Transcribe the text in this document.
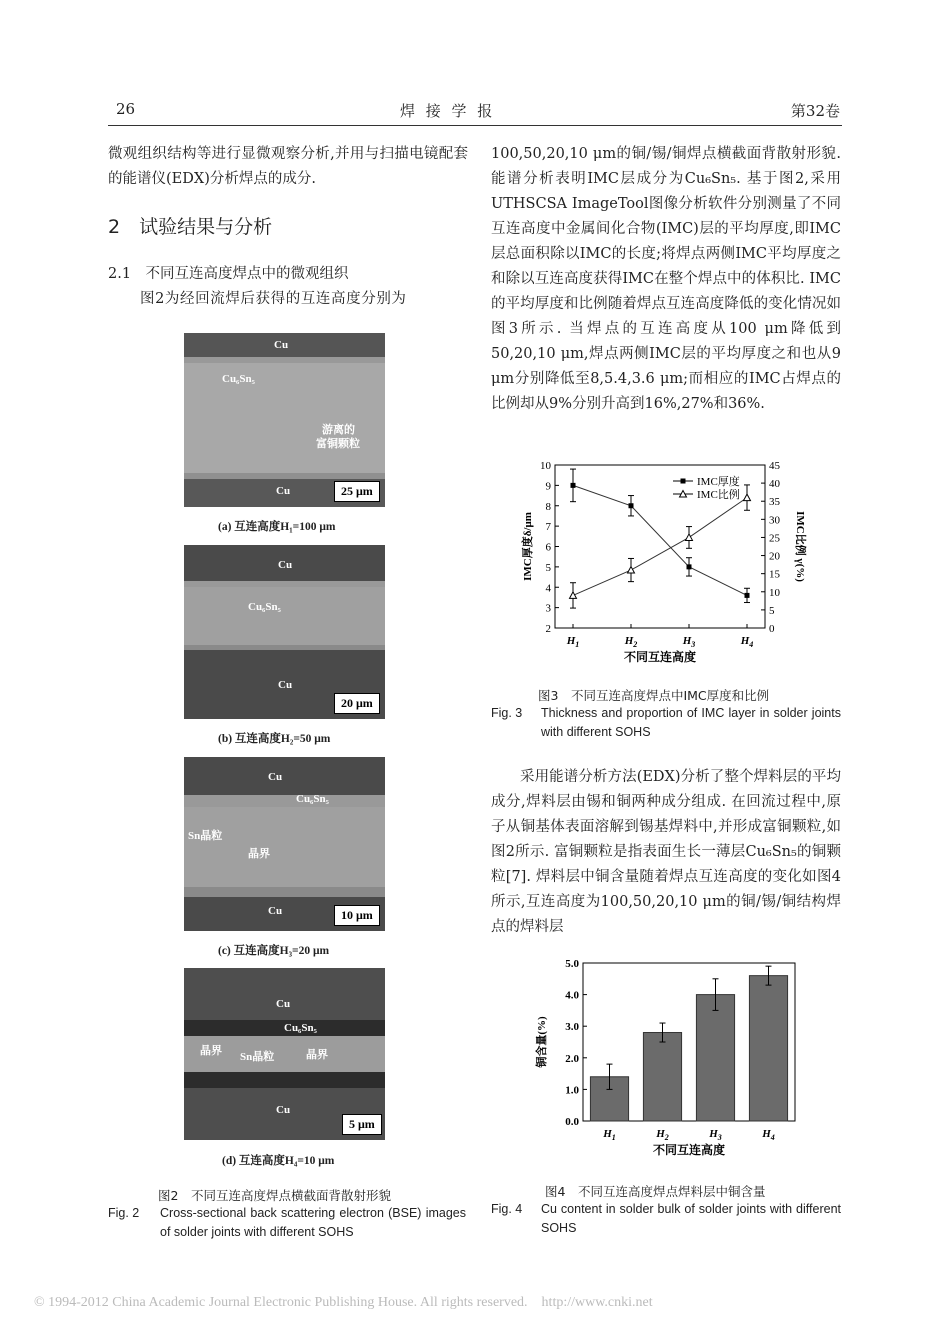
26	焊 接 学 报	第32卷
微观组织结构等进行显微观察分析,并用与扫描电镜配套的能谱仪(EDX)分析焊点的成分.
2　试验结果与分析
2.1　不同互连高度焊点中的微观组织
图2为经回流焊后获得的互连高度分别为
Cu
Cu₆Sn₅
游离的
富铜颗粒
Cu	25 μm
(a) 互连高度H₁=100 μm
Cu
Cu₆Sn₅
Cu
20 μm
(b) 互连高度H₂=50 μm
Cu
Cu₆Sn₅
Sn晶粒
晶界
Cu	10 μm
(c) 互连高度H₃=20 μm
Cu
Cu₆Sn₅
晶界 Sn晶粒	晶界
Cu
5 μm
(d) 互连高度H₄=10 μm
图2　不同互连高度焊点横截面背散射形貌
Fig. 2 Cross-sectional back scattering electron (BSE) images of solder joints with different SOHS
100,50,20,10 μm的铜/锡/铜焊点横截面背散射形貌. 能谱分析表明IMC层成分为Cu₆Sn₅. 基于图2,采用UTHSCSA ImageTool图像分析软件分别测量了不同互连高度中金属间化合物(IMC)层的平均厚度,即IMC层总面积除以IMC的长度;将焊点两侧IMC平均厚度之和除以互连高度获得IMC在整个焊点中的体积比. IMC的平均厚度和比例随着焊点互连高度降低的变化情况如图3所示. 当焊点的互连高度从100 μm降低到50,20,10 μm,焊点两侧IMC层的平均厚度之和也从9 μm分别降低至8,5.4,3.6 μm;而相应的IMC占焊点的比例却从9%分别升高到16%,27%和36%.
2
3
4
5
6
7
8
9
10
0
5
10
15
20
25
30
35
40
45
$H_1$	$H_2$	$H_3$	$H_4$
不同互连高度
IMC厚度δ/μm	IMC比例 γ(%)
IMC厚度
IMC比例
图3　不同互连高度焊点中IMC厚度和比例
Fig. 3 Thickness and proportion of IMC layer in solder joints with different SOHS
采用能谱分析方法(EDX)分析了整个焊料层的平均成分,焊料层由锡和铜两种成分组成. 在回流过程中,原子从铜基体表面溶解到锡基焊料中,并形成富铜颗粒,如图2所示. 富铜颗粒是指表面生长一薄层Cu₆Sn₅的铜颗粒[7]. 焊料层中铜含量随着焊点互连高度的变化如图4所示,互连高度为100,50,20,10 μm的铜/锡/铜结构焊点的焊料层
0.0
1.0
2.0
3.0
4.0
5.0
$H_1$	$H_2$	$H_3$	$H_4$
不同互连高度
铜含量(%)
图4　不同互连高度焊点焊料层中铜含量
Fig. 4 Cu content in solder bulk of solder joints with different SOHS
© 1994-2012 China Academic Journal Electronic Publishing House. All rights reserved.    http://www.cnki.net
